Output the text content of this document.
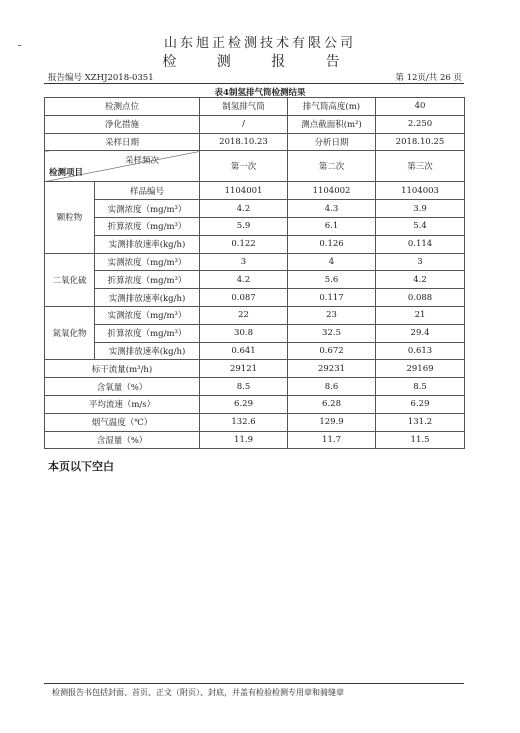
山东旭正检测技术有限公司
检 测 报 告
报告编号 XZHJ2018-0351	第 12页/共 26 页
表4制氢排气筒检测结果
检测点位		制氢排气筒	排气筒高度(m)	40
净化措施		/	测点截面积(m²)	2.250
采样日期		2018.10.23	分析日期	2018.10.25

采样频次
检测项目		第一次	第二次	第三次
颗粒物	样品编号	1104001	1104002	1104003
	实测浓度（mg/m³）	4.2	4.3	3.9
	折算浓度（mg/m³）	5.9	6.1	5.4
	实测排放速率(kg/h)	0.122	0.126	0.114
二氧化硫	实测浓度（mg/m³）	3	4	3
	折算浓度（mg/m³）	4.2	5.6	4.2
	实测排放速率(kg/h)	0.087	0.117	0.088
氮氧化物	实测浓度（mg/m³）	22	23	21
	折算浓度（mg/m³）	30.8	32.5	29.4
	实测排放速率(kg/h)	0.641	0.672	0.613
标干流量(m³/h)		29121	29231	29169
含氧量（%）		8.5	8.6	8.5
平均流速（m/s）		6.29	6.28	6.29
烟气温度（℃）		132.6	129.9	131.2
含湿量（%）		11.9	11.7	11.5
本页以下空白
检测报告书包括封面、首页、正文（附页）、封底，并盖有检验检测专用章和骑缝章
